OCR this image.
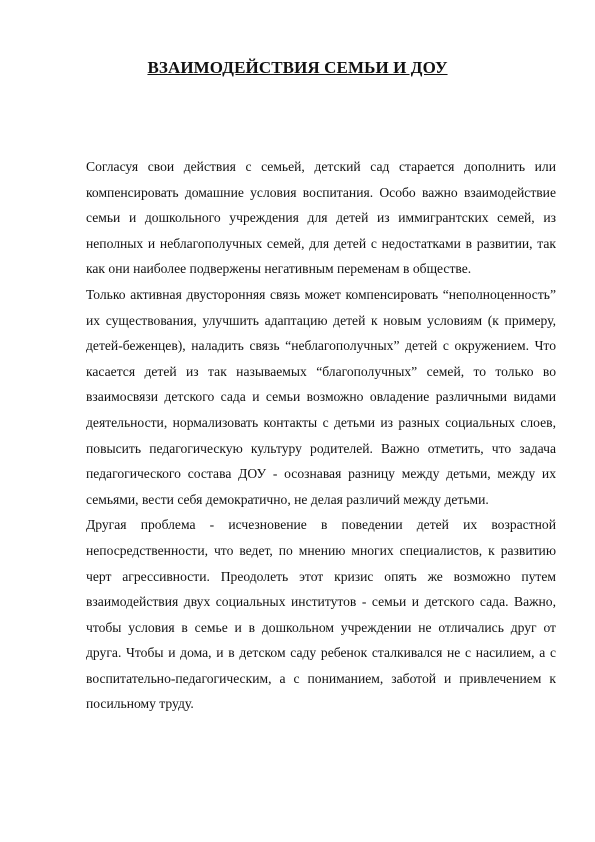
ВЗАИМОДЕЙСТВИЯ СЕМЬИ И ДОУ

Согласуя свои действия с семьей, детский сад старается дополнить или компенсировать домашние условия воспитания. Особо важно взаимодействие семьи и дошкольного учреждения для детей из иммигрантских семей, из неполных и неблагополучных семей, для детей с недостатками в развитии, так как они наиболее подвержены негативным переменам в обществе.

Только активная двусторонняя связь может компенсировать “неполноценность” их существования, улучшить адаптацию детей к новым условиям (к примеру, детей-беженцев), наладить связь “неблагополучных” детей с окружением. Что касается детей из так называемых “благополучных” семей, то только во взаимосвязи детского сада и семьи возможно овладение различными видами деятельности, нормализовать контакты с детьми из разных социальных слоев, повысить педагогическую культуру родителей. Важно отметить, что задача педагогического состава ДОУ - осознавая разницу между детьми, между их семьями, вести себя демократично, не делая различий между детьми.

Другая проблема - исчезновение в поведении детей их возрастной непосредственности, что ведет, по мнению многих специалистов, к развитию черт агрессивности. Преодолеть этот кризис опять же возможно путем взаимодействия двух социальных институтов - семьи и детского сада. Важно, чтобы условия в семье и в дошкольном учреждении не отличались друг от друга. Чтобы и дома, и в детском саду ребенок сталкивался не с насилием, а с воспитательно-педагогическим, а с пониманием, заботой и привлечением к посильному труду.
